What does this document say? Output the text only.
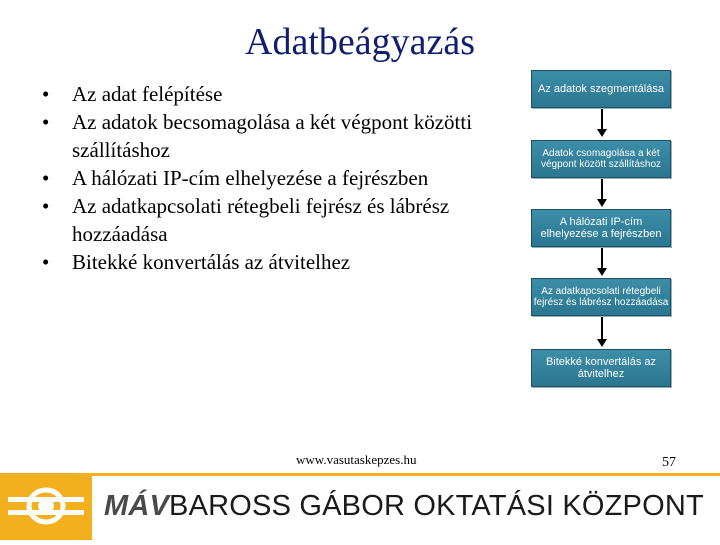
Adatbeágyazás
• Az adat felépítése
• Az adatok becsomagolása a két végpont közötti szállításhoz
• A hálózati IP-cím elhelyezése a fejrészben
• Az adatkapcsolati rétegbeli fejrész és lábrész hozzáadása
• Bitekké konvertálás az átvitelhez
Az adatok szegmentálása
Adatok csomagolása a két végpont között szállításhoz
A hálózati IP-cím elhelyezése a fejrészben
Az adatkapcsolati rétegbeli fejrész és lábrész hozzáadása
Bitekké konvertálás az átvitelhez
www.vasutaskepzes.hu	57
MÁVBAROSS GÁBOR OKTATÁSI KÖZPONT
